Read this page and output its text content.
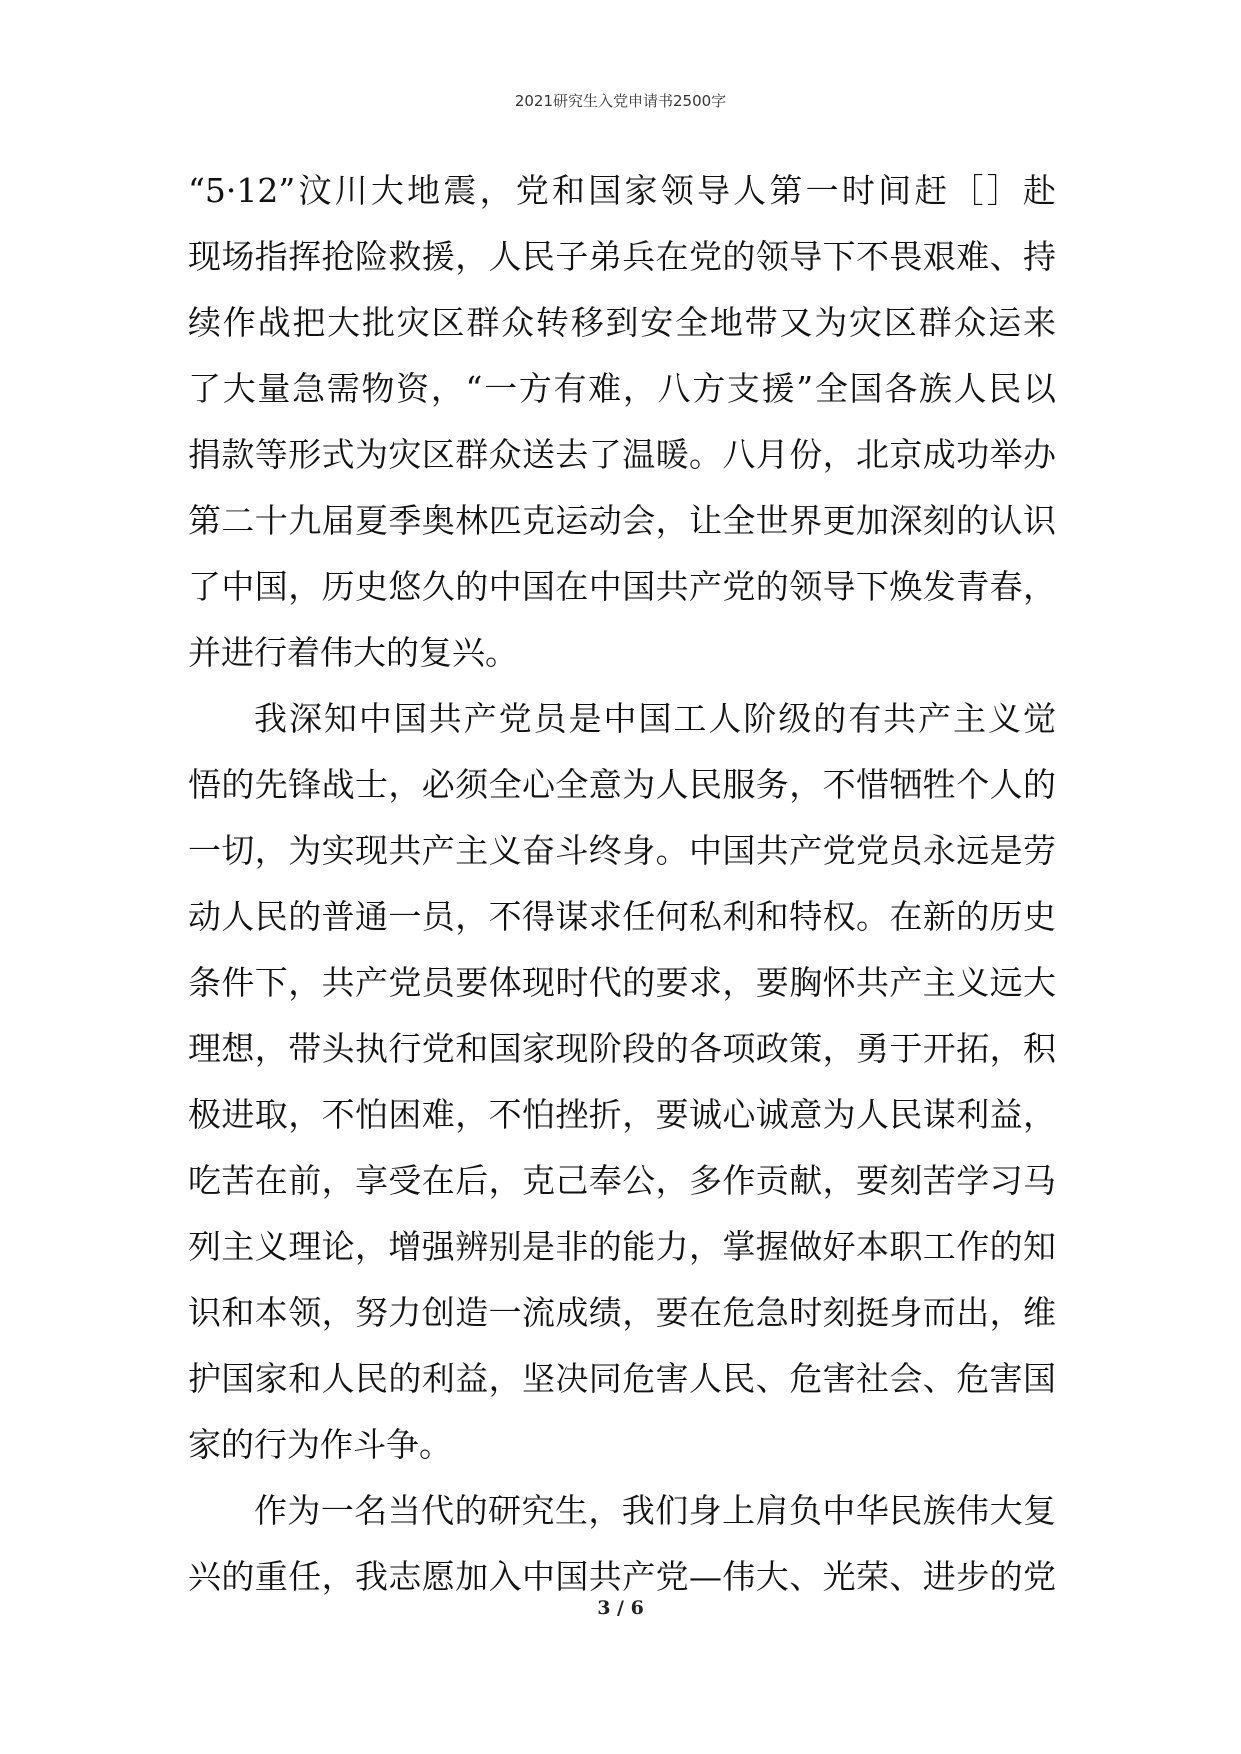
2021研究生入党申请书2500字
“5·12”汶川大地震，党和国家领导人第一时间赶［］赴
现场指挥抢险救援，人民子弟兵在党的领导下不畏艰难、持
续作战把大批灾区群众转移到安全地带又为灾区群众运来
了大量急需物资，“一方有难，八方支援”全国各族人民以
捐款等形式为灾区群众送去了温暖。八月份，北京成功举办
第二十九届夏季奥林匹克运动会，让全世界更加深刻的认识
了中国，历史悠久的中国在中国共产党的领导下焕发青春，
并进行着伟大的复兴。
我深知中国共产党员是中国工人阶级的有共产主义觉
悟的先锋战士，必须全心全意为人民服务，不惜牺牲个人的
一切，为实现共产主义奋斗终身。中国共产党党员永远是劳
动人民的普通一员，不得谋求任何私利和特权。在新的历史
条件下，共产党员要体现时代的要求，要胸怀共产主义远大
理想，带头执行党和国家现阶段的各项政策，勇于开拓，积
极进取，不怕困难，不怕挫折，要诚心诚意为人民谋利益，
吃苦在前，享受在后，克己奉公，多作贡献，要刻苦学习马
列主义理论，增强辨别是非的能力，掌握做好本职工作的知
识和本领，努力创造一流成绩，要在危急时刻挺身而出，维
护国家和人民的利益，坚决同危害人民、危害社会、危害国
家的行为作斗争。
作为一名当代的研究生，我们身上肩负中华民族伟大复
兴的重任，我志愿加入中国共产党—伟大、光荣、进步的党
3 / 6
